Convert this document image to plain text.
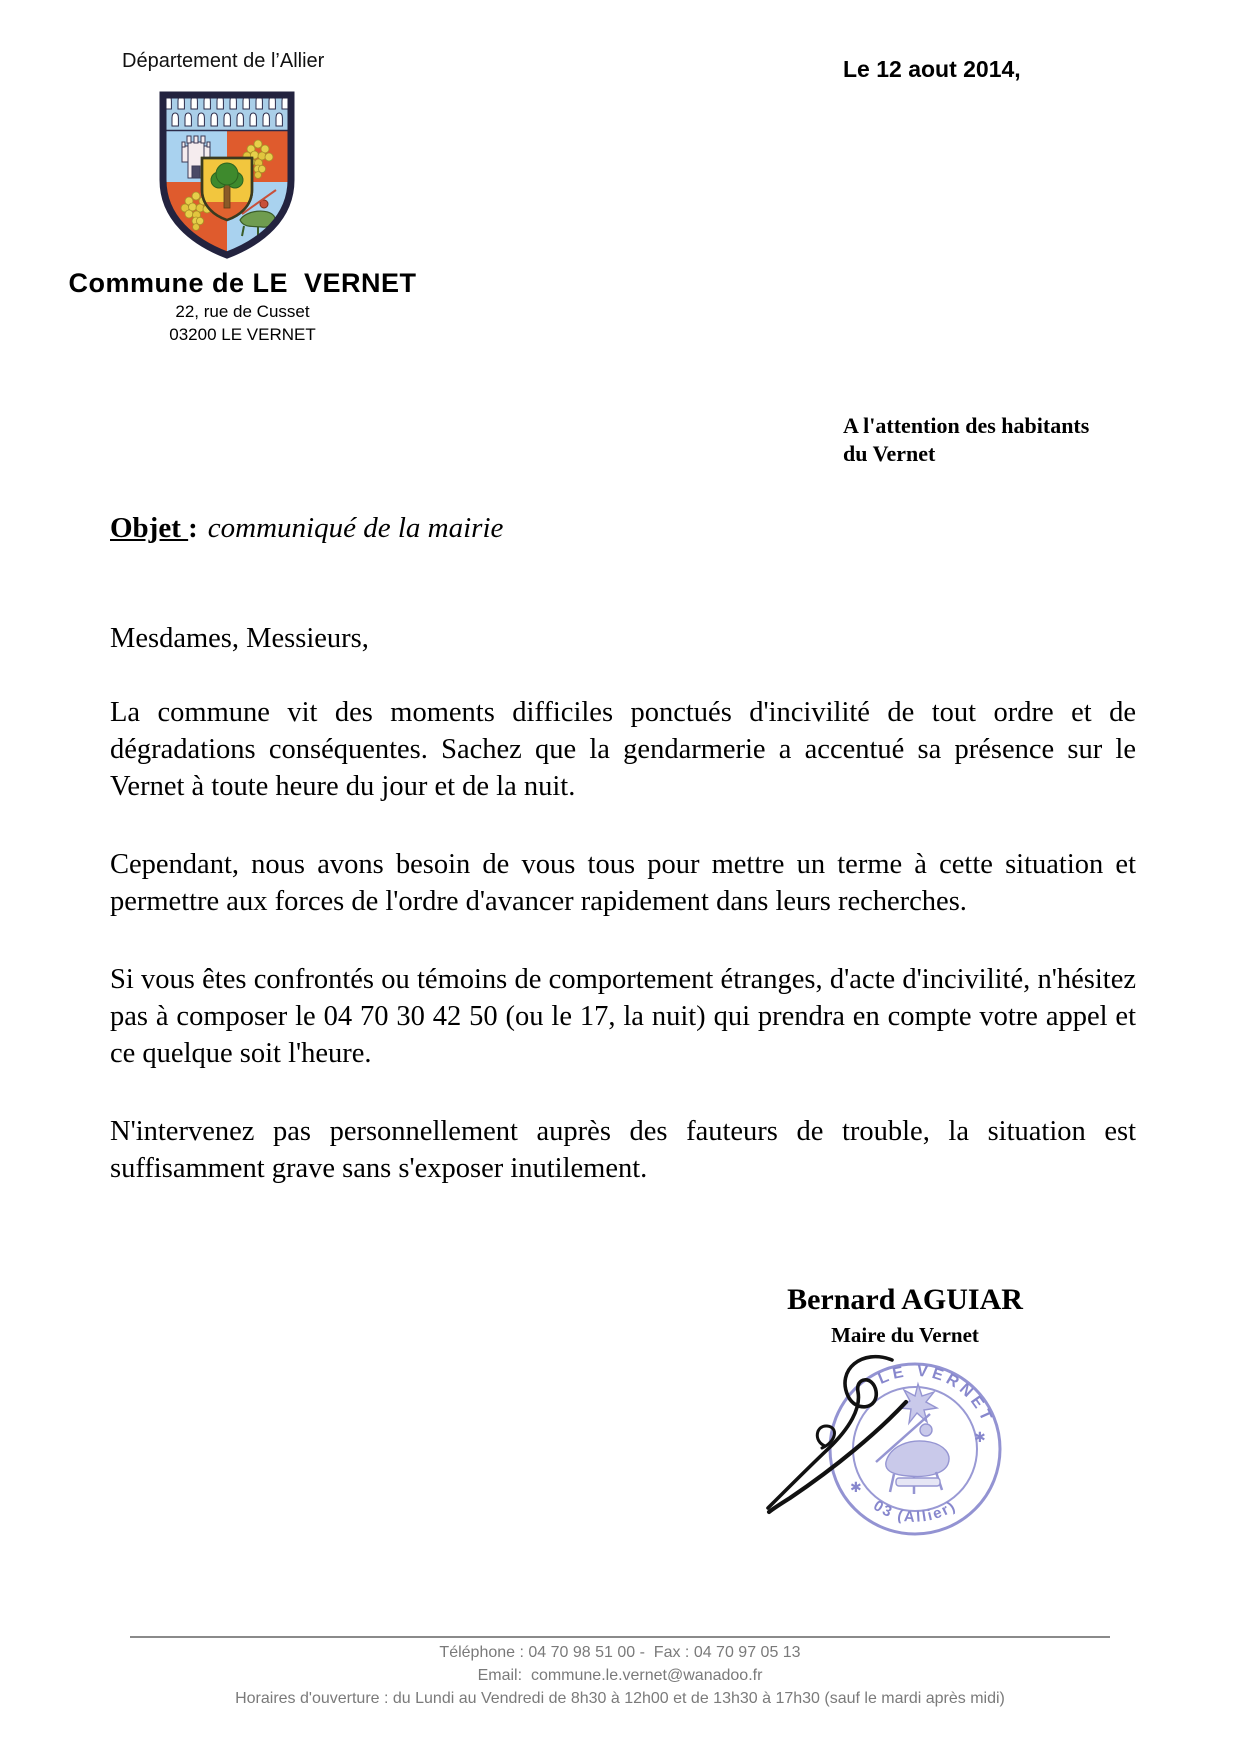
Département de l’Allier
Commune de LE  VERNET
22, rue de Cusset
03200 LE VERNET
Le 12 aout 2014,
A l'attention des habitants
du Vernet
Objet : communiqué de la mairie

Mesdames, Messieurs,

La commune vit des moments difficiles ponctués d'incivilité de tout ordre et de dégradations conséquentes. Sachez que la gendarmerie a accentué sa présence sur le Vernet à toute heure du jour et de la nuit.

Cependant, nous avons besoin de vous tous pour mettre un terme à cette situation et permettre aux forces de l'ordre d'avancer rapidement dans leurs recherches.

Si vous êtes confrontés ou témoins de comportement étranges, d'acte d'incivilité, n'hésitez pas à composer le 04 70 30 42 50 (ou le 17, la nuit) qui prendra en compte votre appel et ce quelque soit l'heure.

N'intervenez pas personnellement auprès des fauteurs de trouble, la situation est suffisamment grave sans s'exposer inutilement.

Bernard AGUIAR
Maire du Vernet
LE VERNET
03 (Allier)
✱
✱
Téléphone : 04 70 98 51 00 -  Fax : 04 70 97 05 13
Email:  commune.le.vernet@wanadoo.fr
Horaires d'ouverture : du Lundi au Vendredi de 8h30 à 12h00 et de 13h30 à 17h30 (sauf le mardi après midi)
